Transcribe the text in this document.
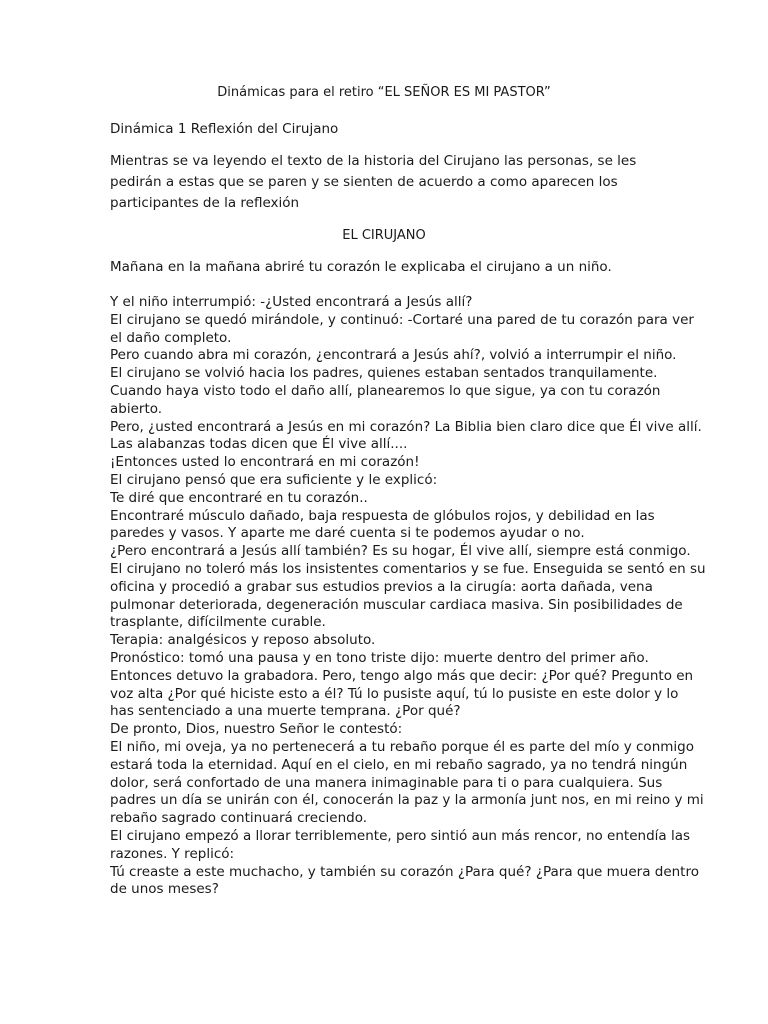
Dinámicas para el retiro “EL SEÑOR ES MI PASTOR”
Dinámica 1 Reflexión del Cirujano
Mientras se va leyendo el texto de la historia del Cirujano las personas, se les pedirán a estas que se paren y se sienten de acuerdo a como aparecen los participantes de la reflexión
EL CIRUJANO
Mañana en la mañana abriré tu corazón le explicaba el cirujano a un niño.
Y el niño interrumpió: -¿Usted encontrará a Jesús allí?
El cirujano se quedó mirándole, y continuó: -Cortaré una pared de tu corazón para ver
el daño completo.
Pero cuando abra mi corazón, ¿encontrará a Jesús ahí?, volvió a interrumpir el niño.
El cirujano se volvió hacia los padres, quienes estaban sentados tranquilamente.
Cuando haya visto todo el daño allí, planearemos lo que sigue, ya con tu corazón
abierto.
Pero, ¿usted encontrará a Jesús en mi corazón? La Biblia bien claro dice que Él vive allí.
Las alabanzas todas dicen que Él vive allí....
¡Entonces usted lo encontrará en mi corazón!
El cirujano pensó que era suficiente y le explicó:
Te diré que encontraré en tu corazón..
Encontraré músculo dañado, baja respuesta de glóbulos rojos, y debilidad en las
paredes y vasos. Y aparte me daré cuenta si te podemos ayudar o no.
¿Pero encontrará a Jesús allí también? Es su hogar, Él vive allí, siempre está conmigo.
El cirujano no toleró más los insistentes comentarios y se fue. Enseguida se sentó en su
oficina y procedió a grabar sus estudios previos a la cirugía: aorta dañada, vena
pulmonar deteriorada, degeneración muscular cardiaca masiva. Sin posibilidades de
trasplante, difícilmente curable.
Terapia: analgésicos y reposo absoluto.
Pronóstico: tomó una pausa y en tono triste dijo: muerte dentro del primer año.
Entonces detuvo la grabadora. Pero, tengo algo más que decir: ¿Por qué? Pregunto en
voz alta ¿Por qué hiciste esto a él? Tú lo pusiste aquí, tú lo pusiste en este dolor y lo
has sentenciado a una muerte temprana. ¿Por qué?
De pronto, Dios, nuestro Señor le contestó:
El niño, mi oveja, ya no pertenecerá a tu rebaño porque él es parte del mío y conmigo
estará toda la eternidad. Aquí en el cielo, en mi rebaño sagrado, ya no tendrá ningún
dolor, será confortado de una manera inimaginable para ti o para cualquiera. Sus
padres un día se unirán con él, conocerán la paz y la armonía junt nos, en mi reino y mi
rebaño sagrado continuará creciendo.
El cirujano empezó a llorar terriblemente, pero sintió aun más rencor, no entendía las
razones. Y replicó:
Tú creaste a este muchacho, y también su corazón ¿Para qué? ¿Para que muera dentro
de unos meses?
